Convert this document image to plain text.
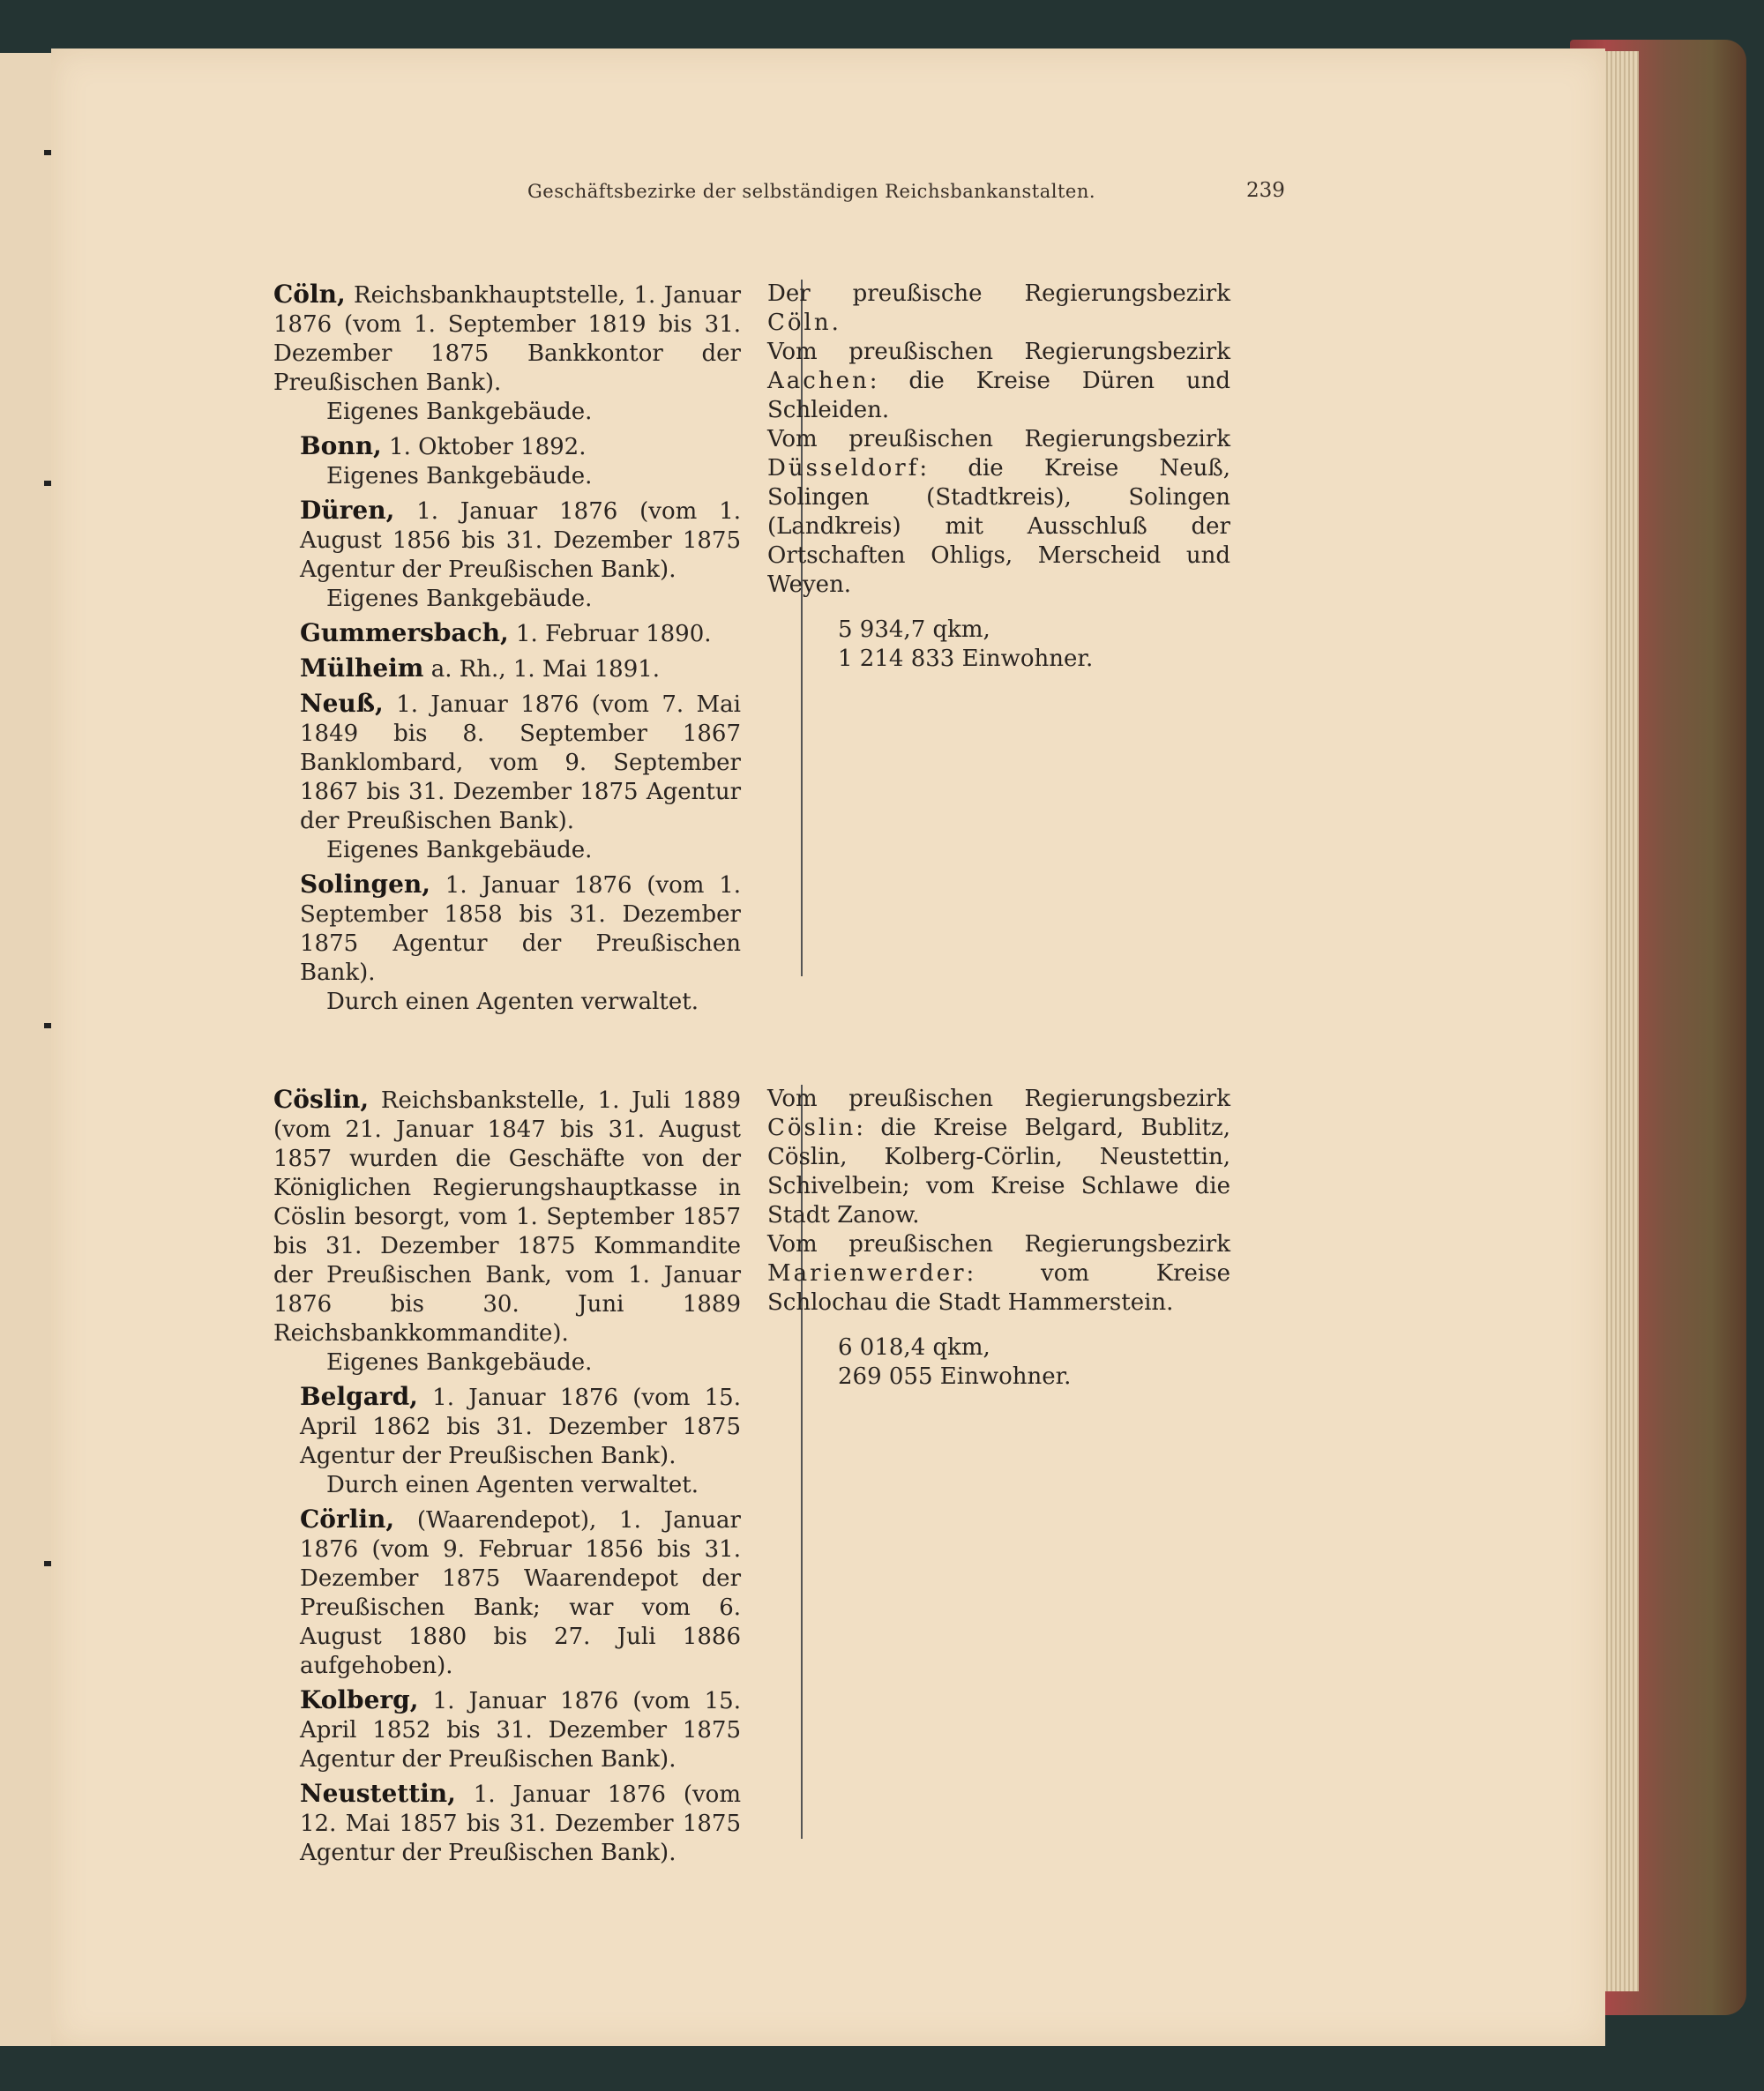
Geschäftsbezirke der selbständigen Reichsbankanstalten.	239

Cöln, Reichsbankhauptstelle, 1. Januar 1876 (vom 1. September 1819 bis 31. Dezember 1875 Bankkontor der Preußischen Bank).

Eigenes Bankgebäude.

Bonn, 1. Oktober 1892.

Eigenes Bankgebäude.

Düren, 1. Januar 1876 (vom 1. August 1856 bis 31. Dezember 1875 Agentur der Preußischen Bank).

Eigenes Bankgebäude.

Gummersbach, 1. Februar 1890.

Mülheim a. Rh., 1. Mai 1891.

Neuß, 1. Januar 1876 (vom 7. Mai 1849 bis 8. September 1867 Banklombard, vom 9. September 1867 bis 31. Dezember 1875 Agentur der Preußischen Bank).

Eigenes Bankgebäude.

Solingen, 1. Januar 1876 (vom 1. September 1858 bis 31. Dezember 1875 Agentur der Preußischen Bank).

Durch einen Agenten verwaltet.

Der preußische Regierungsbezirk Cöln.

Vom preußischen Regierungsbezirk Aachen: die Kreise Düren und Schleiden.

Vom preußischen Regierungsbezirk Düsseldorf: die Kreise Neuß, Solingen (Stadtkreis), Solingen (Landkreis) mit Ausschluß der Ortschaften Ohligs, Merscheid und Weyen.

5 934,7 qkm,
1 214 833 Einwohner.

Cöslin, Reichsbankstelle, 1. Juli 1889 (vom 21. Januar 1847 bis 31. August 1857 wurden die Geschäfte von der Königlichen Regierungshauptkasse in Cöslin besorgt, vom 1. September 1857 bis 31. Dezember 1875 Kommandite der Preußischen Bank, vom 1. Januar 1876 bis 30. Juni 1889 Reichsbankkommandite).

Eigenes Bankgebäude.

Belgard, 1. Januar 1876 (vom 15. April 1862 bis 31. Dezember 1875 Agentur der Preußischen Bank).

Durch einen Agenten verwaltet.

Cörlin, (Waarendepot), 1. Januar 1876 (vom 9. Februar 1856 bis 31. Dezember 1875 Waarendepot der Preußischen Bank; war vom 6. August 1880 bis 27. Juli 1886 aufgehoben).

Kolberg, 1. Januar 1876 (vom 15. April 1852 bis 31. Dezember 1875 Agentur der Preußischen Bank).

Neustettin, 1. Januar 1876 (vom 12. Mai 1857 bis 31. Dezember 1875 Agentur der Preußischen Bank).

Vom preußischen Regierungsbezirk Cöslin: die Kreise Belgard, Bublitz, Cöslin, Kolberg-Cörlin, Neustettin, Schivelbein; vom Kreise Schlawe die Stadt Zanow.

Vom preußischen Regierungsbezirk Marienwerder: vom Kreise Schlochau die Stadt Hammerstein.

6 018,4 qkm,
269 055 Einwohner.
